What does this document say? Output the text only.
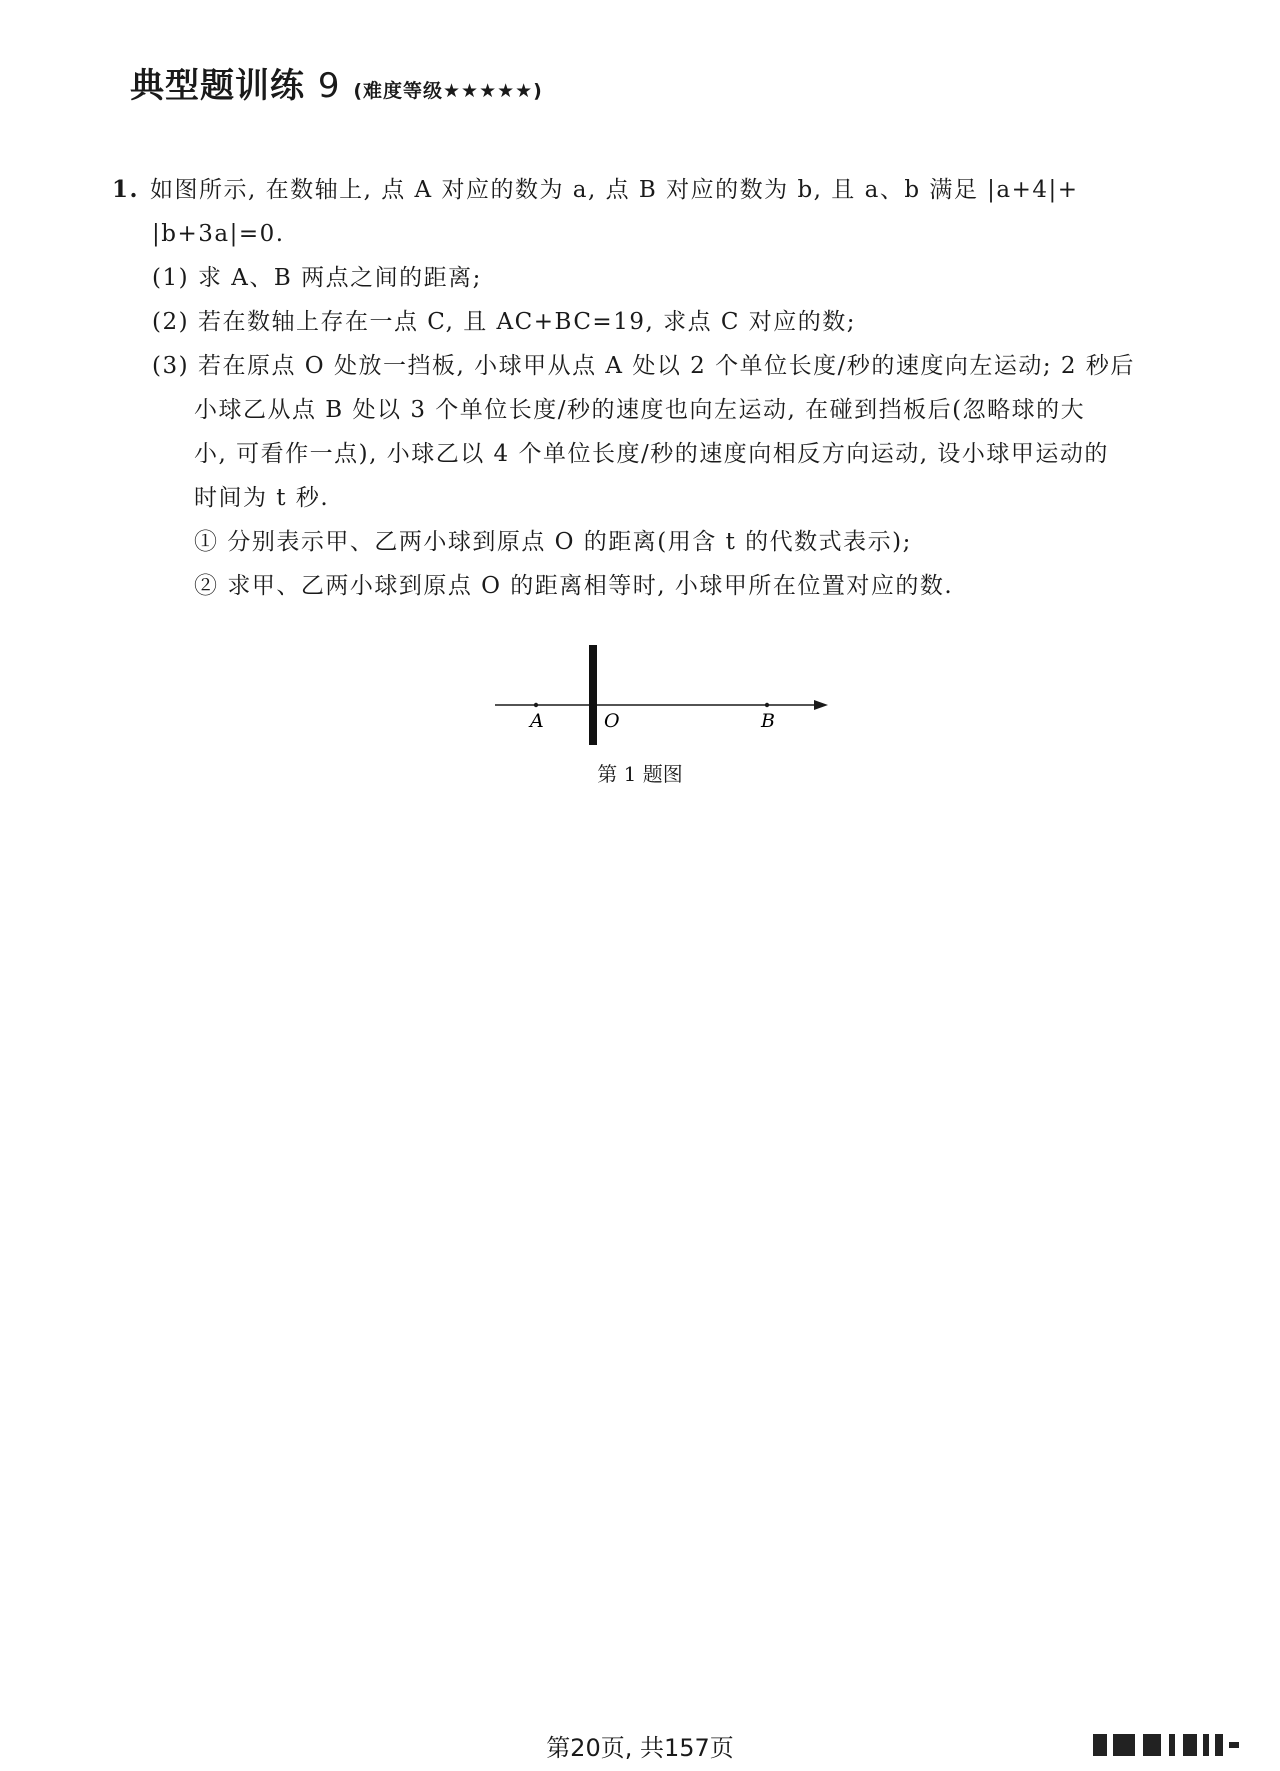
典型题训练 9 (难度等级★★★★★)
1. 如图所示, 在数轴上, 点 A 对应的数为 a, 点 B 对应的数为 b, 且 a、b 满足 |a+4|+
|b+3a|=0.
(1) 求 A、B 两点之间的距离;
(2) 若在数轴上存在一点 C, 且 AC+BC=19, 求点 C 对应的数;
(3) 若在原点 O 处放一挡板, 小球甲从点 A 处以 2 个单位长度/秒的速度向左运动; 2 秒后
小球乙从点 B 处以 3 个单位长度/秒的速度也向左运动, 在碰到挡板后(忽略球的大
小, 可看作一点), 小球乙以 4 个单位长度/秒的速度向相反方向运动, 设小球甲运动的
时间为 t 秒.
① 分别表示甲、乙两小球到原点 O 的距离(用含 t 的代数式表示);
② 求甲、乙两小球到原点 O 的距离相等时, 小球甲所在位置对应的数.
A	O	B
第 1 题图
第20页, 共157页
